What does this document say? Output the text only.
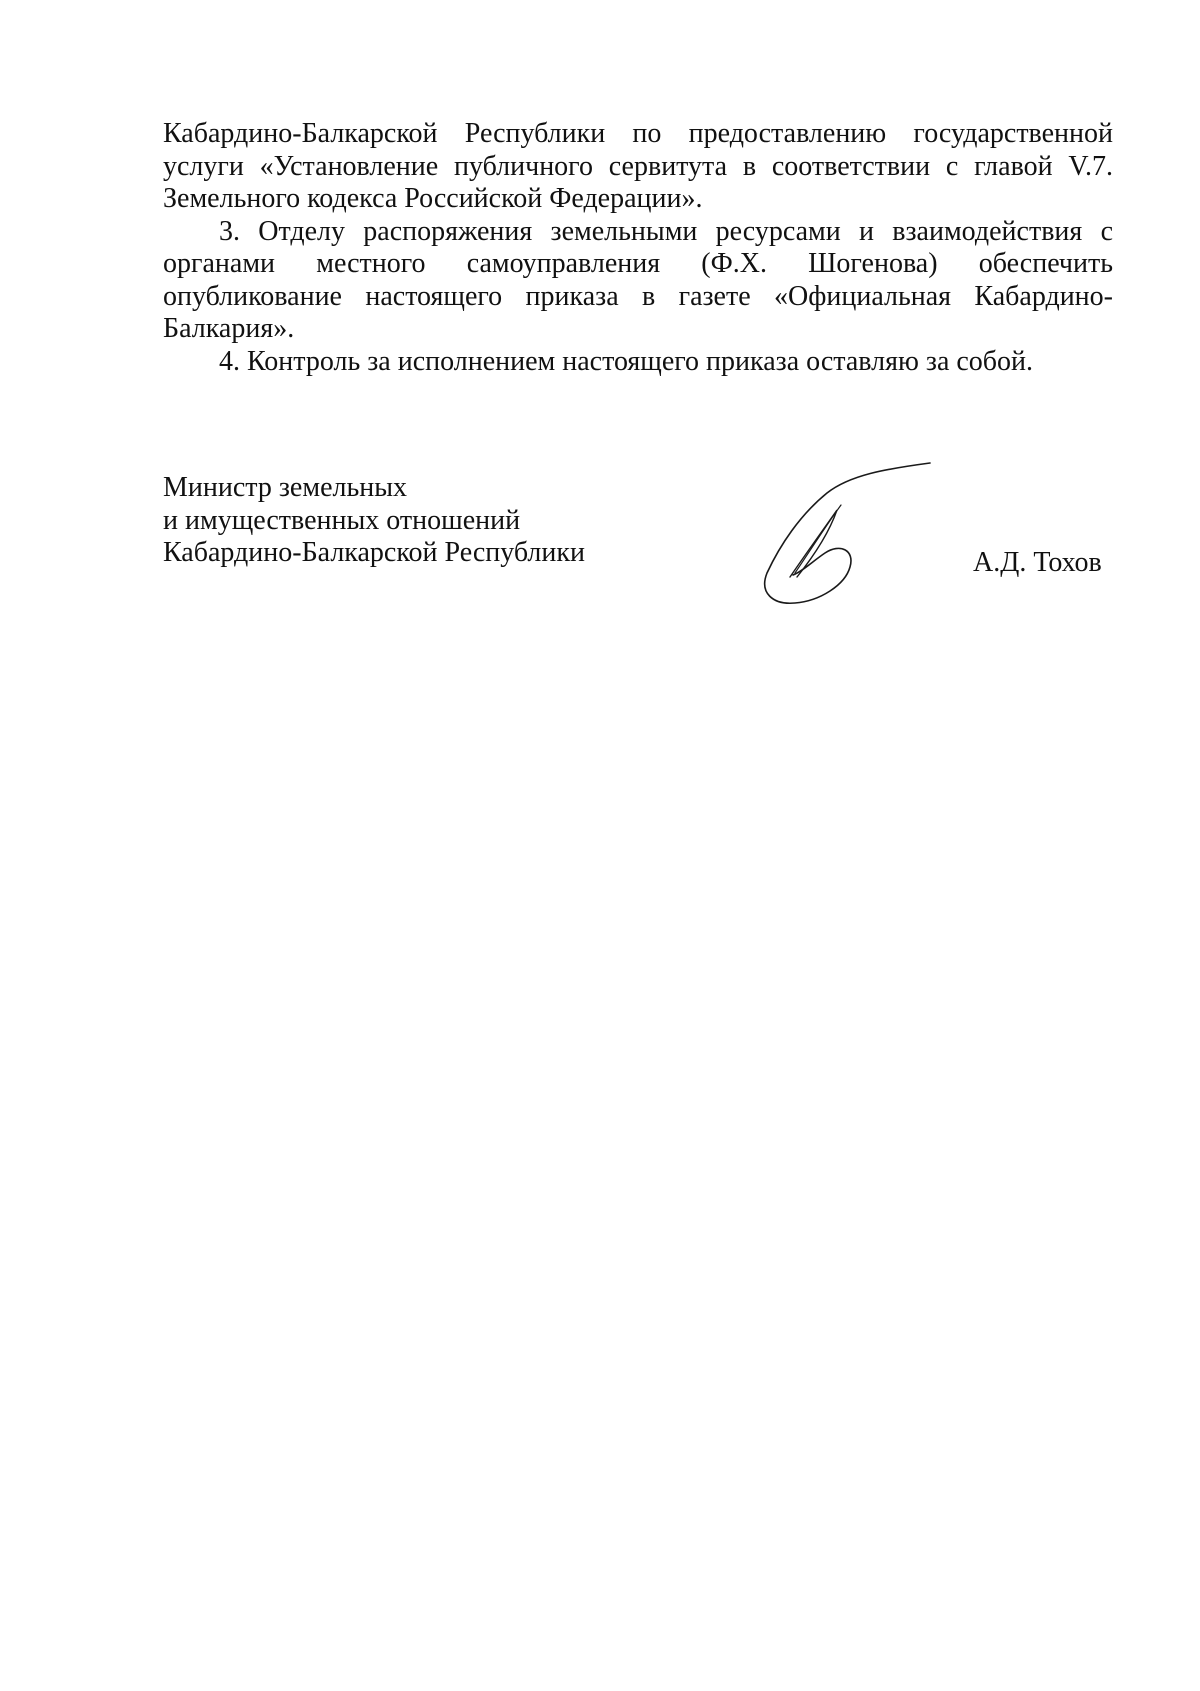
Кабардино-Балкарской Республики по предоставлению государственной услуги «Установление публичного сервитута в соответствии с главой V.7. Земельного кодекса Российской Федерации».

3. Отделу распоряжения земельными ресурсами и взаимодействия с органами местного самоуправления (Ф.Х. Шогенова) обеспечить опубликование настоящего приказа в газете «Официальная Кабардино-Балкария».

4. Контроль за исполнением настоящего приказа оставляю за собой.

Министр земельных
и имущественных отношений
Кабардино-Балкарской Республики	А.Д. Тохов
